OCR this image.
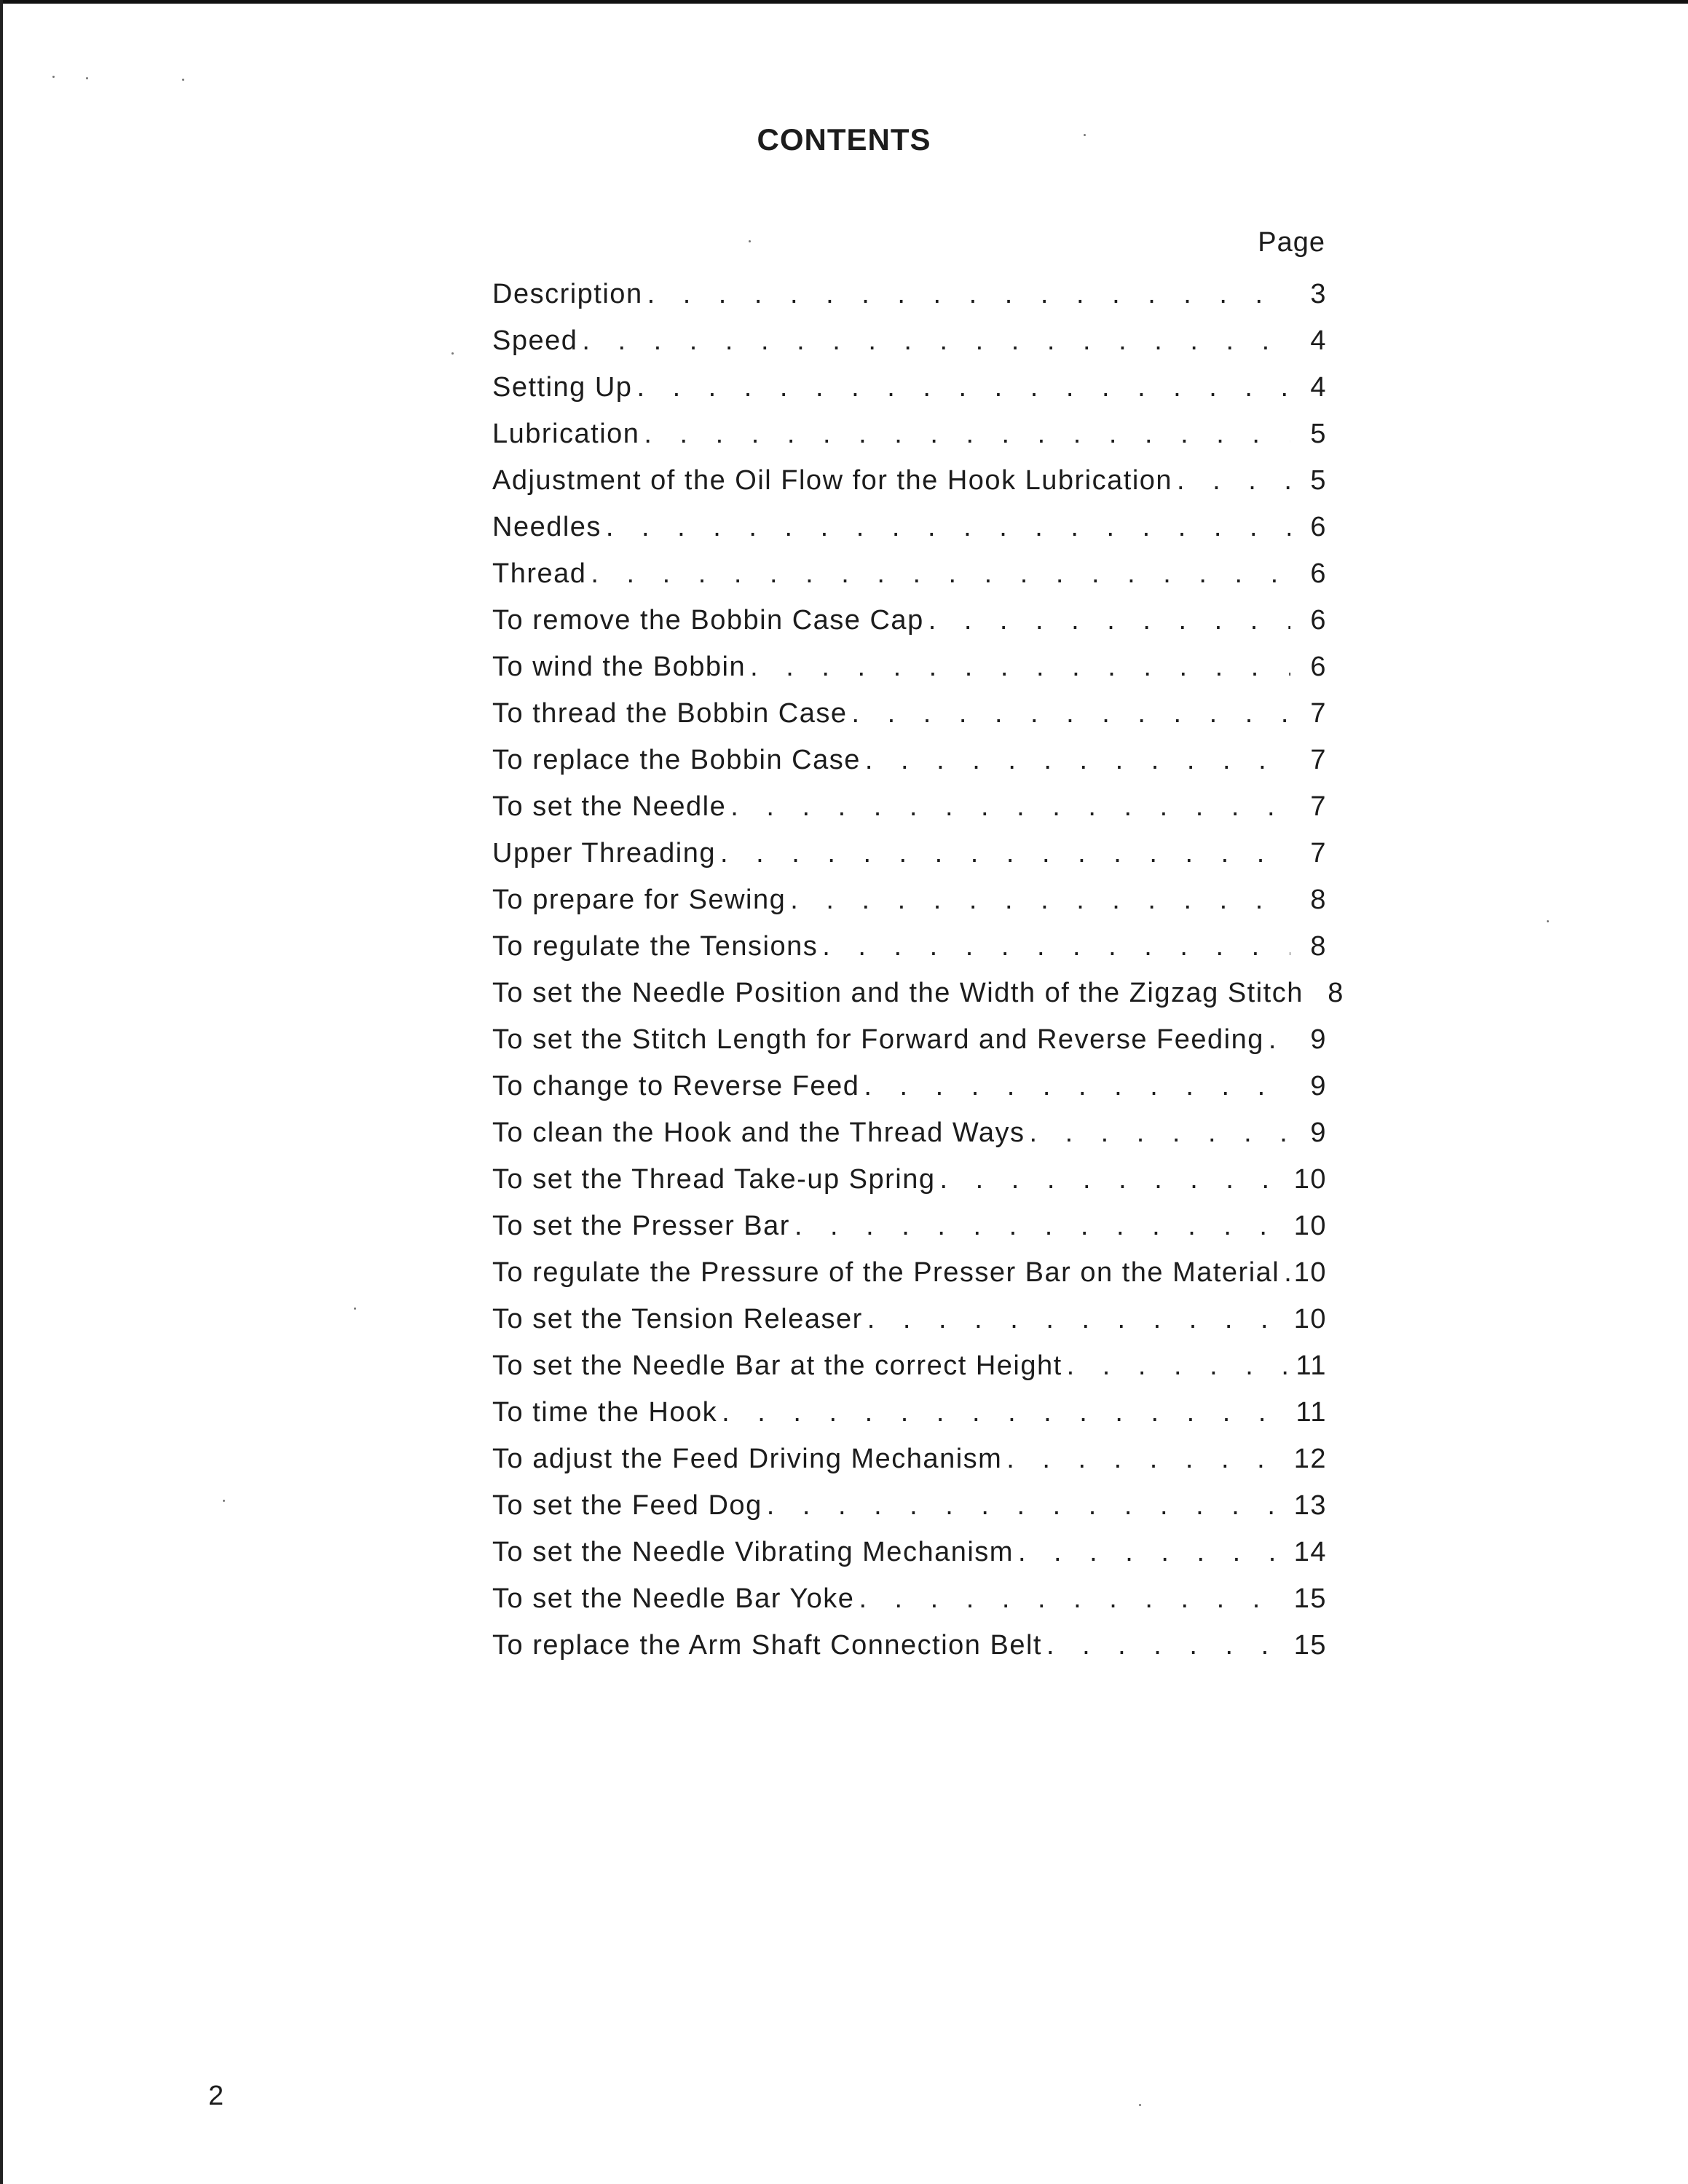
CONTENTS
Page
Description . . .	3
Speed . . .	4
Setting Up . . .	4
Lubrication . . .	5
Adjustment of the Oil Flow for the Hook Lubrication . . .	5
Needles . . .	6
Thread . . .	6
To remove the Bobbin Case Cap . . .	6
To wind the Bobbin . . .	6
To thread the Bobbin Case . . .	7
To replace the Bobbin Case . . .	7
To set the Needle . . .	7
Upper Threading . . .	7
To prepare for Sewing . . .	8
To regulate the Tensions . . .	8
To set the Needle Position and the Width of the Zigzag Stitch 8
To set the Stitch Length for Forward and Reverse Feeding . . .	9
To change to Reverse Feed . . .	9
To clean the Hook and the Thread Ways . . .	9
To set the Thread Take-up Spring . . .	10
To set the Presser Bar . . .	10
To regulate the Pressure of the Presser Bar on the Material . . . 10
To set the Tension Releaser . . .	10
To set the Needle Bar at the correct Height . . .	11
To time the Hook . . .	11
To adjust the Feed Driving Mechanism . . .	12
To set the Feed Dog . . .	13
To set the Needle Vibrating Mechanism . . .	14
To set the Needle Bar Yoke . . .	15
To replace the Arm Shaft Connection Belt . . .	15
2
